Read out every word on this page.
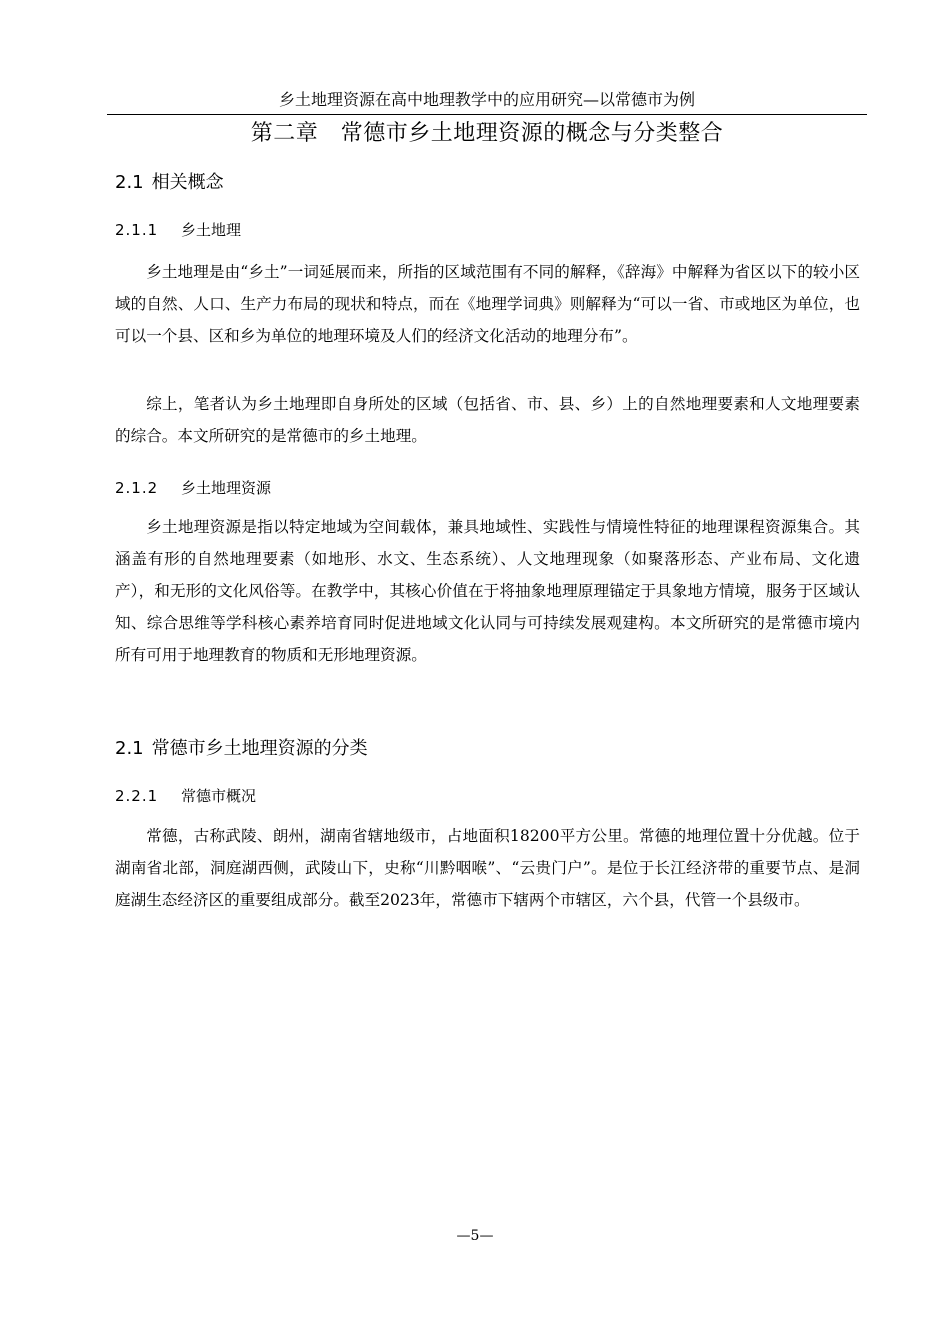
乡土地理资源在高中地理教学中的应用研究—以常德市为例
第二章　常德市乡土地理资源的概念与分类整合
2.1 相关概念
2.1.1 乡土地理

乡土地理是由“乡土”一词延展而来，所指的区域范围有不同的解释，《辞海》中解释为省区以下的较小区域的自然、人口、生产力布局的现状和特点，而在《地理学词典》则解释为“可以一省、市或地区为单位，也可以一个县、区和乡为单位的地理环境及人们的经济文化活动的地理分布”。

综上，笔者认为乡土地理即自身所处的区域（包括省、市、县、乡）上的自然地理要素和人文地理要素的综合。本文所研究的是常德市的乡土地理。

2.1.2 乡土地理资源

乡土地理资源是指以特定地域为空间载体，兼具地域性、实践性与情境性特征的地理课程资源集合。其涵盖有形的自然地理要素（如地形、水文、生态系统）、人文地理现象（如聚落形态、产业布局、文化遗产），和无形的文化风俗等。在教学中，其核心价值在于将抽象地理原理锚定于具象地方情境，服务于区域认知、综合思维等学科核心素养培育同时促进地域文化认同与可持续发展观建构。本文所研究的是常德市境内所有可用于地理教育的物质和无形地理资源。

2.1 常德市乡土地理资源的分类
2.2.1 常德市概况

常德，古称武陵、朗州，湖南省辖地级市，占地面积18200平方公里。常德的地理位置十分优越。位于湖南省北部，洞庭湖西侧，武陵山下，史称“川黔咽喉”、“云贵门户”。是位于长江经济带的重要节点、是洞庭湖生态经济区的重要组成部分。截至2023年，常德市下辖两个市辖区，六个县，代管一个县级市。

—5—
